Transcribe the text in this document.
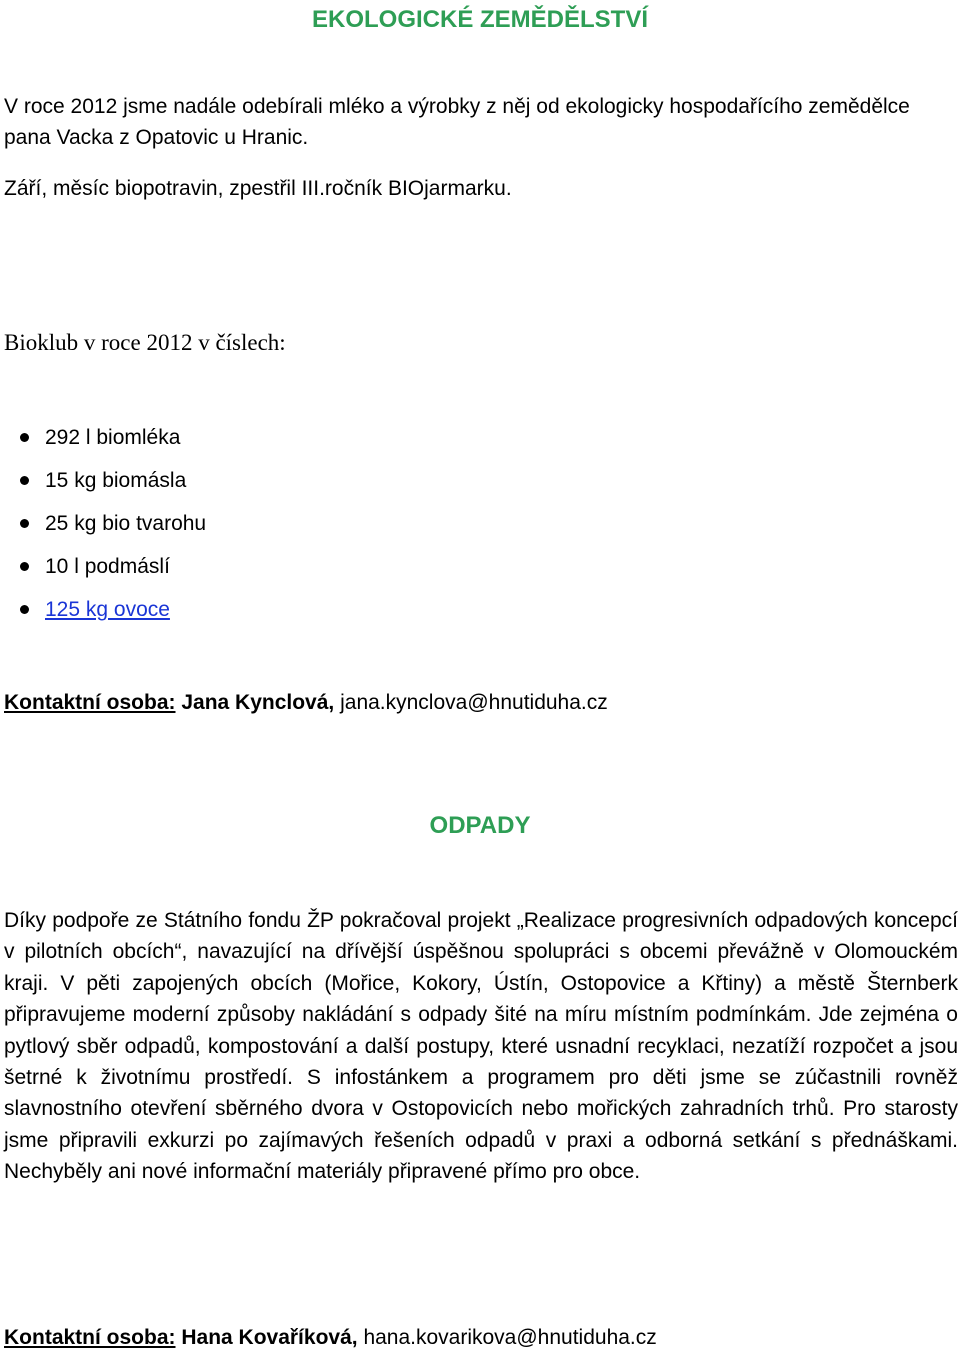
EKOLOGICKÉ ZEMĚDĚLSTVÍ

V roce 2012 jsme nadále odebírali mléko a výrobky z něj od ekologicky hospodařícího zemědělce pana Vacka z Opatovic u Hranic.

Září, měsíc biopotravin, zpestřil III.ročník BIOjarmarku.

Bioklub v roce 2012 v číslech:

292 l biomléka
15 kg biomásla
25 kg bio tvarohu
10 l podmáslí
125 kg ovoce

Kontaktní osoba: Jana Kynclová, jana.kynclova@hnutiduha.cz

ODPADY

Díky podpoře ze Státního fondu ŽP pokračoval projekt „Realizace progresivních odpadových koncepcí v pilotních obcích“, navazující na dřívější úspěšnou spolupráci s obcemi převážně v Olomouckém kraji. V pěti zapojených obcích (Mořice, Kokory, Ústín, Ostopovice a Křtiny) a městě Šternberk připravujeme moderní způsoby nakládání s odpady šité na míru místním podmínkám. Jde zejména o pytlový sběr odpadů, kompostování a další postupy, které usnadní recyklaci, nezatíží rozpočet a jsou šetrné k životnímu prostředí. S infostánkem a programem pro děti jsme se zúčastnili rovněž slavnostního otevření sběrného dvora v Ostopovicích nebo mořických zahradních trhů. Pro starosty jsme připravili exkurzi po zajímavých řešeních odpadů v praxi a odborná setkání s přednáškami. Nechyběly ani nové informační materiály připravené přímo pro obce.

Kontaktní osoba: Hana Kovaříková, hana.kovarikova@hnutiduha.cz
